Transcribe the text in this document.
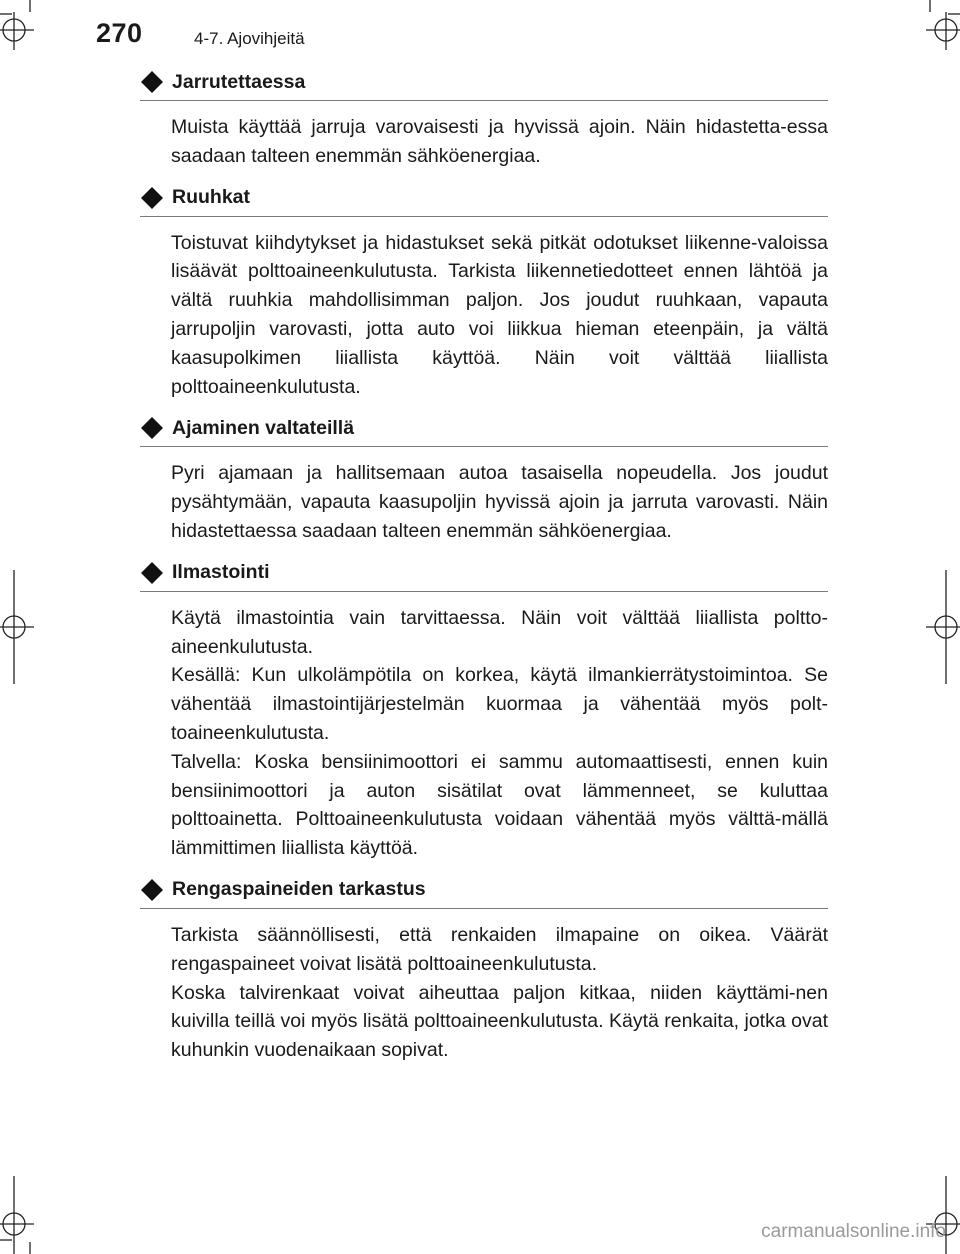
270	4-7. Ajovihjeitä
Jarrutettaessa
Muista käyttää jarruja varovaisesti ja hyvissä ajoin. Näin hidastetta-essa saadaan talteen enemmän sähköenergiaa.
Ruuhkat
Toistuvat kiihdytykset ja hidastukset sekä pitkät odotukset liikenne-valoissa lisäävät polttoaineenkulutusta. Tarkista liikennetiedotteet ennen lähtöä ja vältä ruuhkia mahdollisimman paljon. Jos joudut ruuhkaan, vapauta jarrupoljin varovasti, jotta auto voi liikkua hieman eteenpäin, ja vältä kaasupolkimen liiallista käyttöä. Näin voit välttää liiallista polttoaineenkulutusta.
Ajaminen valtateillä
Pyri ajamaan ja hallitsemaan autoa tasaisella nopeudella. Jos joudut pysähtymään, vapauta kaasupoljin hyvissä ajoin ja jarruta varovasti. Näin hidastettaessa saadaan talteen enemmän sähköenergiaa.
Ilmastointi
Käytä ilmastointia vain tarvittaessa. Näin voit välttää liiallista poltto-aineenkulutusta.
Kesällä: Kun ulkolämpötila on korkea, käytä ilmankierrätystoimintoa. Se vähentää ilmastointijärjestelmän kuormaa ja vähentää myös polt-toaineenkulutusta.
Talvella: Koska bensiinimoottori ei sammu automaattisesti, ennen kuin bensiinimoottori ja auton sisätilat ovat lämmenneet, se kuluttaa polttoainetta. Polttoaineenkulutusta voidaan vähentää myös välttä-mällä lämmittimen liiallista käyttöä.
Rengaspaineiden tarkastus
Tarkista säännöllisesti, että renkaiden ilmapaine on oikea. Väärät rengaspaineet voivat lisätä polttoaineenkulutusta.
Koska talvirenkaat voivat aiheuttaa paljon kitkaa, niiden käyttämi-nen kuivilla teillä voi myös lisätä polttoaineenkulutusta. Käytä renkaita, jotka ovat kuhunkin vuodenaikaan sopivat.
carmanualsonline.info
